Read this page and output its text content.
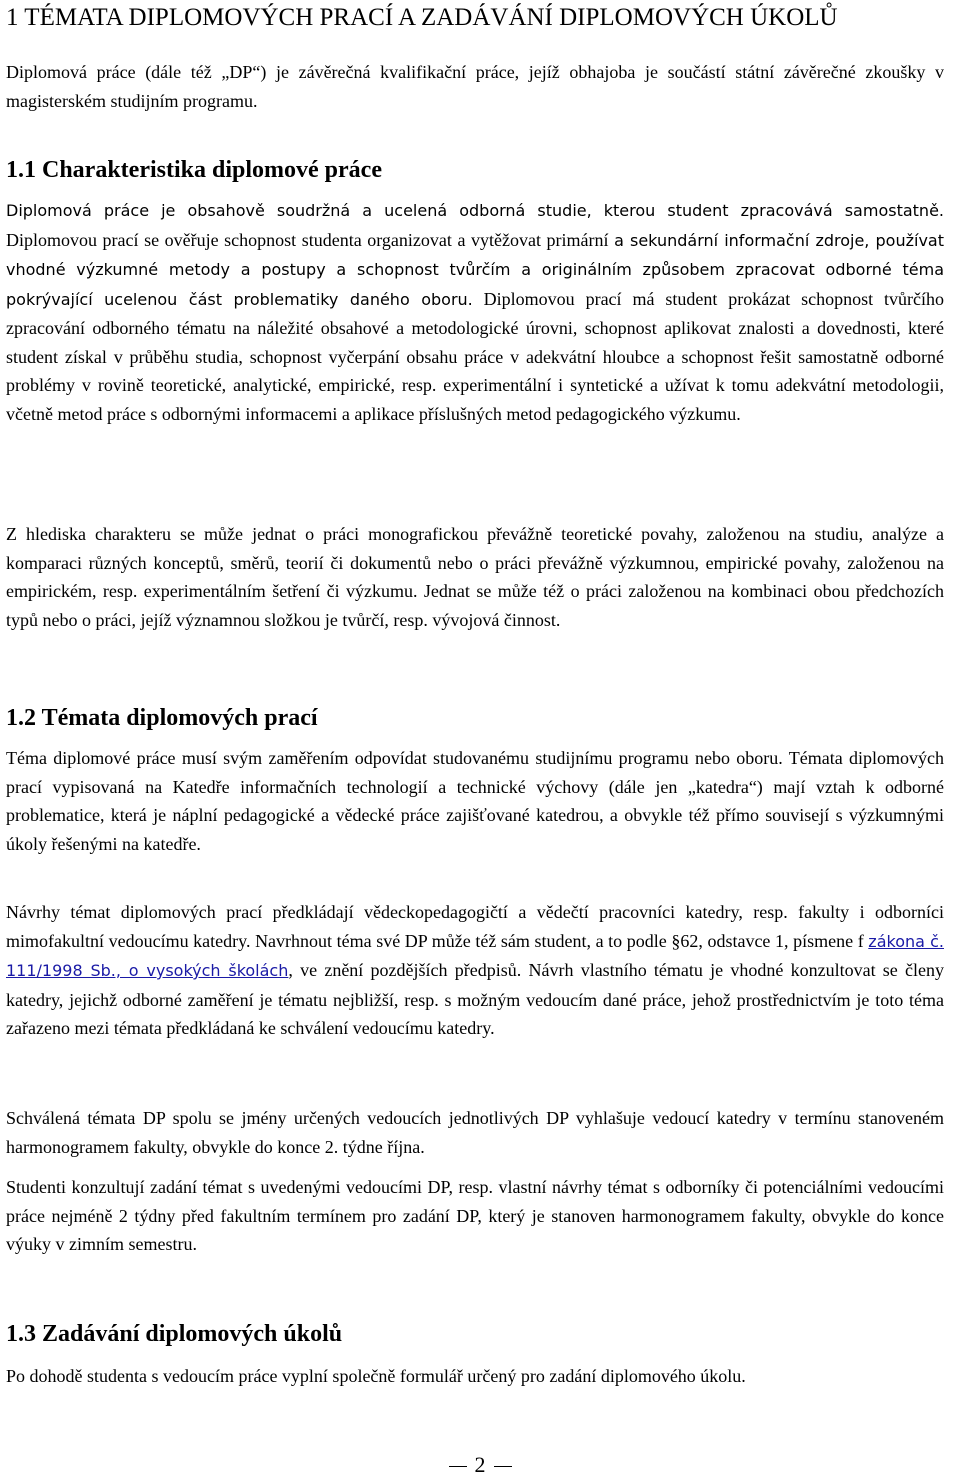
1 TÉMATA DIPLOMOVÝCH PRACÍ A ZADÁVÁNÍ DIPLOMOVÝCH ÚKOLŮ

Diplomová práce (dále též „DP“) je závěrečná kvalifikační práce, jejíž obhajoba je součástí státní závěrečné zkoušky v magisterském studijním programu.

1.1 Charakteristika diplomové práce

Diplomová práce je obsahově soudržná a ucelená odborná studie, kterou student zpracovává samostatně. Diplomovou prací se ověřuje schopnost studenta organizovat a vytěžovat primární a sekundární informační zdroje, používat vhodné výzkumné metody a postupy a schopnost tvůrčím a originálním způsobem zpracovat odborné téma pokrývající ucelenou část problematiky daného oboru. Diplomovou prací má student prokázat schopnost tvůrčího zpracování odborného tématu na náležité obsahové a metodologické úrovni, schopnost aplikovat znalosti a dovednosti, které student získal v průběhu studia, schopnost vyčerpání obsahu práce v adekvátní hloubce a schopnost řešit samostatně odborné problémy v rovině teoretické, analytické, empirické, resp. experimentální i syntetické a užívat k tomu adekvátní metodologii, včetně metod práce s odbornými informacemi a aplikace příslušných metod pedagogického výzkumu.

Z hlediska charakteru se může jednat o práci monografickou převážně teoretické povahy, založenou na studiu, analýze a komparaci různých konceptů, směrů, teorií či dokumentů nebo o práci převážně výzkumnou, empirické povahy, založenou na empirickém, resp. experimentálním šetření či výzkumu. Jednat se může též o práci založenou na kombinaci obou předchozích typů nebo o práci, jejíž významnou složkou je tvůrčí, resp. vývojová činnost.

1.2 Témata diplomových prací

Téma diplomové práce musí svým zaměřením odpovídat studovanému studijnímu programu nebo oboru. Témata diplomových prací vypisovaná na Katedře informačních technologií a technické výchovy (dále jen „katedra“) mají vztah k odborné problematice, která je náplní pedagogické a vědecké práce zajišťované katedrou, a obvykle též přímo souvisejí s výzkumnými úkoly řešenými na katedře.

Návrhy témat diplomových prací předkládají vědeckopedagogičtí a vědečtí pracovníci katedry, resp. fakulty i odborníci mimofakultní vedoucímu katedry. Navrhnout téma své DP může též sám student, a to podle §62, odstavce 1, písmene f zákona č. 111/1998 Sb., o vysokých školách, ve znění pozdějších předpisů. Návrh vlastního tématu je vhodné konzultovat se členy katedry, jejichž odborné zaměření je tématu nejbližší, resp. s možným vedoucím dané práce, jehož prostřednictvím je toto téma zařazeno mezi témata předkládaná ke schválení vedoucímu katedry.

Schválená témata DP spolu se jmény určených vedoucích jednotlivých DP vyhlašuje vedoucí katedry v termínu stanoveném harmonogramem fakulty, obvykle do konce 2. týdne října.

Studenti konzultují zadání témat s uvedenými vedoucími DP, resp. vlastní návrhy témat s odborníky či potenciálními vedoucími práce nejméně 2 týdny před fakultním termínem pro zadání DP, který je stanoven harmonogramem fakulty, obvykle do konce výuky v zimním semestru.

1.3 Zadávání diplomových úkolů

Po dohodě studenta s vedoucím práce vyplní společně formulář určený pro zadání diplomového úkolu.

2
